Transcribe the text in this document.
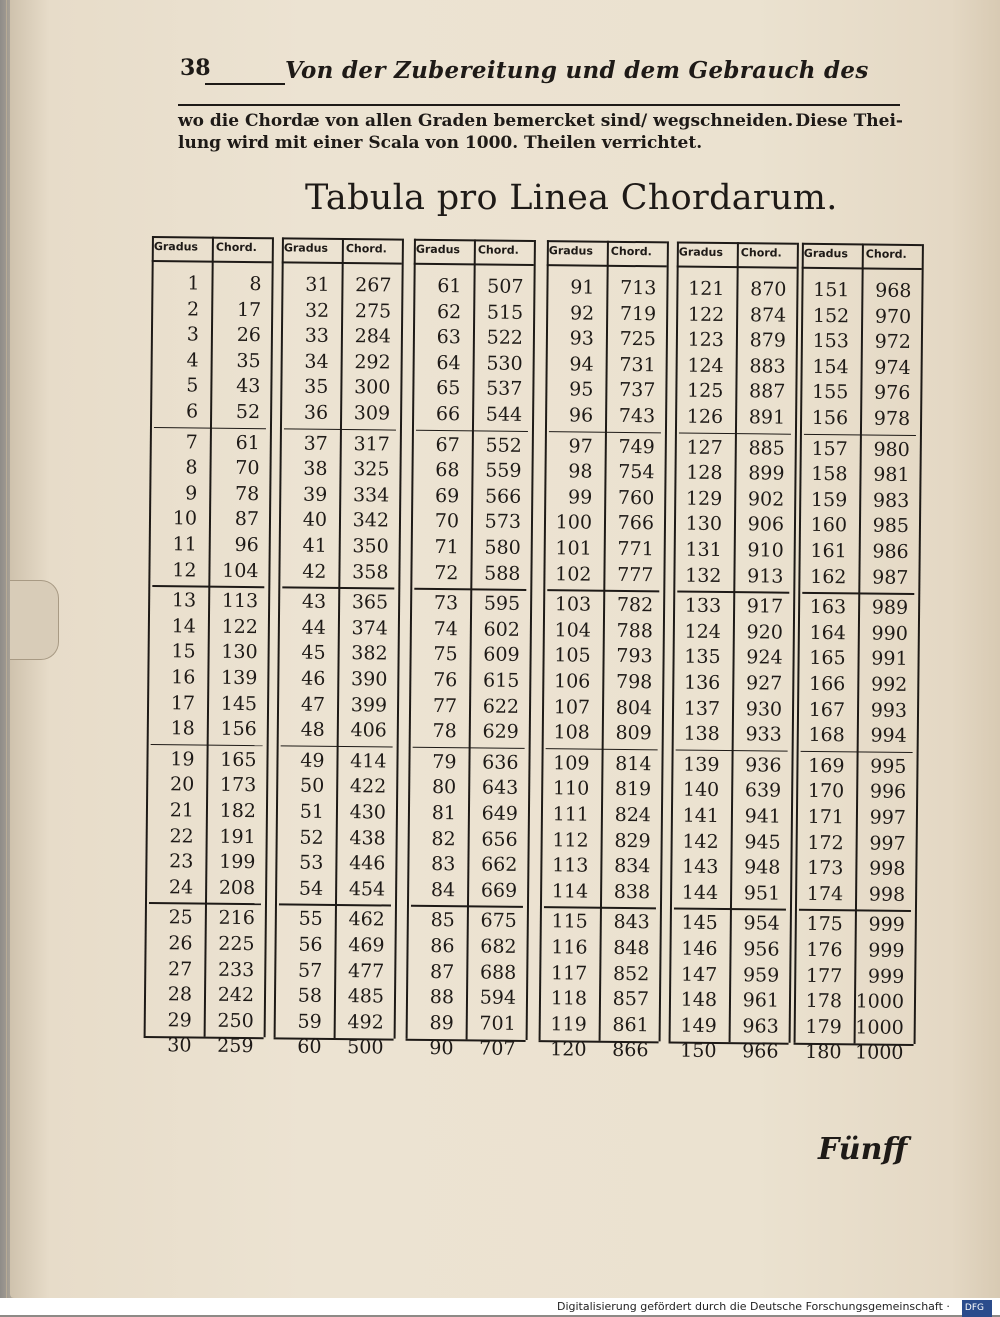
38	Von der Zubereitung und dem Gebrauch des
wo die Chordæ von allen Graden bemercket sind/ wegschneiden. Diese Thei-
lung wird mit einer Scala von 1000. Theilen verrichtet.
Tabula pro Linea Chordarum.
Gradus Chord.
1	8
2 17
3 26
4 35
5 43
6 52
7 61
8 70
9 78
10 87
11 96
12 104
13 113
14 122
15 130
16 139
17 145
18 156
19 165
20 173
21 182
22 191
23 199
24 208
25 216
26 225
27 233
28 242
29 250
30 259
Gradus Chord.
31 267
32 275
33 284
34 292
35 300
36 309
37 317
38 325
39 334
40 342
41 350
42 358
43 365
44 374
45 382
46 390
47 399
48 406
49 414
50 422
51 430
52 438
53 446
54 454
55 462
56 469
57 477
58 485
59 492
60 500
Gradus Chord.
61 507
62 515
63 522
64 530
65 537
66 544
67 552
68 559
69 566
70 573
71 580
72 588
73 595
74 602
75 609
76 615
77 622
78 629
79 636
80 643
81 649
82 656
83 662
84 669
85 675
86 682
87 688
88 594
89 701
90 707
Gradus Chord.
91 713
92 719
93 725
94 731
95 737
96 743
97 749
98 754
99 760
100 766
101 771
102 777
103 782
104 788
105 793
106 798
107 804
108 809
109 814
110 819
111 824
112 829
113 834
114 838
115 843
116 848
117 852
118 857
119 861
120 866
Gradus Chord.
121 870
122 874
123 879
124 883
125 887
126 891
127 885
128 899
129 902
130 906
131 910
132 913
133 917
124 920
135 924
136 927
137 930
138 933
139 936
140 639
141 941
142 945
143 948
144 951
145 954
146 956
147 959
148 961
149 963
150 966
Gradus Chord.
151 968
152 970
153 972
154 974
155 976
156 978
157 980
158 981
159 983
160 985
161 986
162 987
163 989
164 990
165 991
166 992
167 993
168 994
169 995
170 996
171 997
172 997
173 998
174 998
175 999
176 999
177 999
178 1000
179 1000
180 1000
Fünff
Digitalisierung gefördert durch die Deutsche Forschungsgemeinschaft · DFG
